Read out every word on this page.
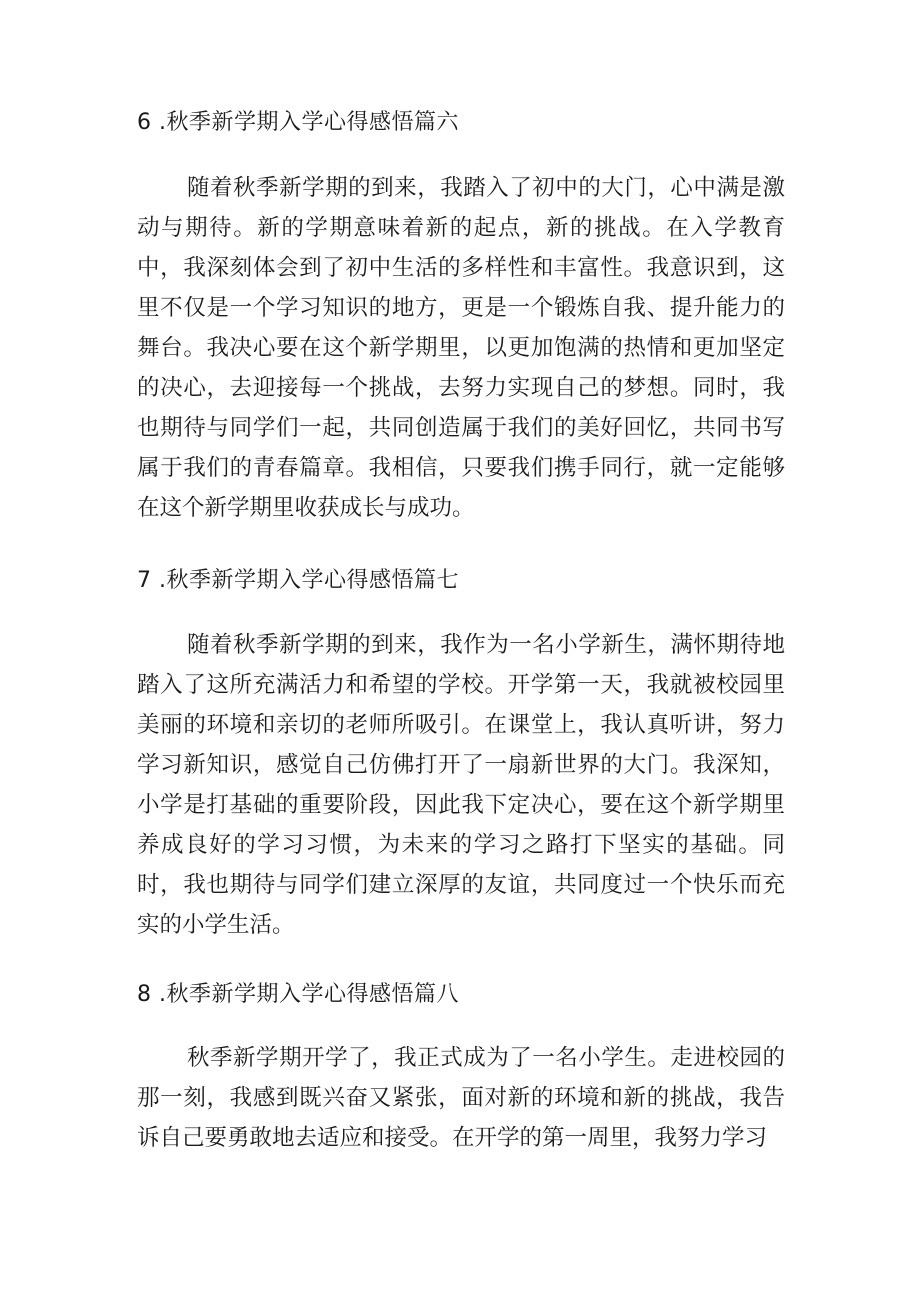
6 .秋季新学期入学心得感悟篇六
随着秋季新学期的到来，我踏入了初中的大门，心中满是激动与期待。新的学期意味着新的起点，新的挑战。在入学教育中，我深刻体会到了初中生活的多样性和丰富性。我意识到，这里不仅是一个学习知识的地方，更是一个锻炼自我、提升能力的舞台。我决心要在这个新学期里，以更加饱满的热情和更加坚定的决心，去迎接每一个挑战，去努力实现自己的梦想。同时，我也期待与同学们一起，共同创造属于我们的美好回忆，共同书写属于我们的青春篇章。我相信，只要我们携手同行，就一定能够在这个新学期里收获成长与成功。
7 .秋季新学期入学心得感悟篇七
随着秋季新学期的到来，我作为一名小学新生，满怀期待地踏入了这所充满活力和希望的学校。开学第一天，我就被校园里美丽的环境和亲切的老师所吸引。在课堂上，我认真听讲，努力学习新知识，感觉自己仿佛打开了一扇新世界的大门。我深知，小学是打基础的重要阶段，因此我下定决心，要在这个新学期里养成良好的学习习惯，为未来的学习之路打下坚实的基础。同时，我也期待与同学们建立深厚的友谊，共同度过一个快乐而充实的小学生活。
8 .秋季新学期入学心得感悟篇八
秋季新学期开学了，我正式成为了一名小学生。走进校园的那一刻，我感到既兴奋又紧张，面对新的环境和新的挑战，我告诉自己要勇敢地去适应和接受。在开学的第一周里，我努力学习
